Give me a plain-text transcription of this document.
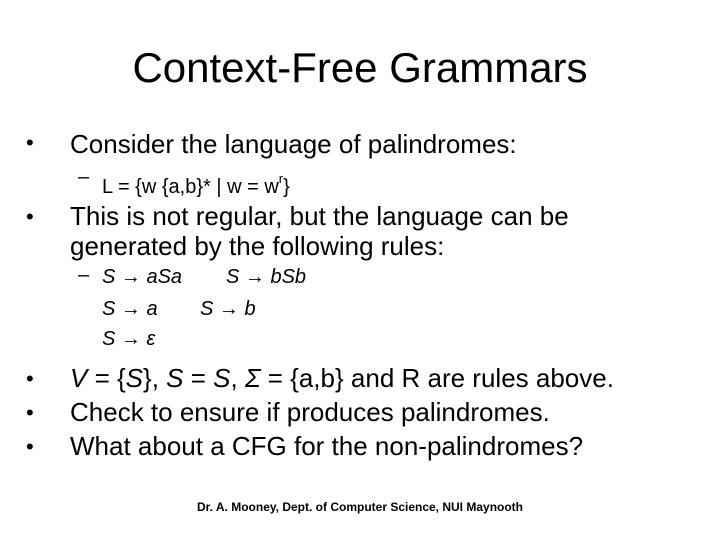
Context-Free Grammars
• Consider the language of palindromes:
– L = {w {a,b}* | $w = w^r$}
• This is not regular, but the language can be
generated by the following rules:
– S → aSa S → bSb
S → a S → b
S → ε
• V = {S}, S = S, Σ = {a,b} and R are rules above.
• Check to ensure if produces palindromes.
• What about a CFG for the non-palindromes?
Dr. A. Mooney, Dept. of Computer Science, NUI Maynooth
